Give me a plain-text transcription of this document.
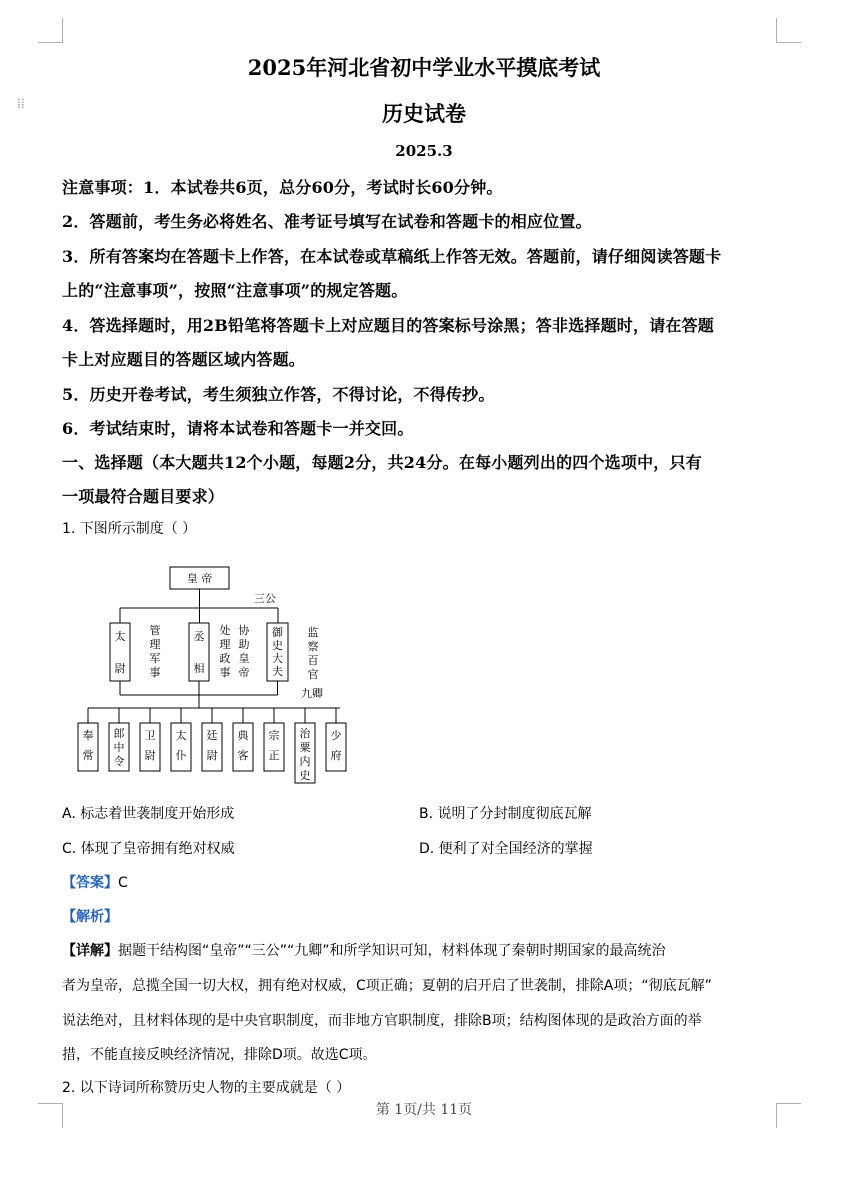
⁞⁞
2025年河北省初中学业水平摸底考试
历史试卷
2025.3
注意事项：1．本试卷共6页，总分60分，考试时长60分钟。
2．答题前，考生务必将姓名、准考证号填写在试卷和答题卡的相应位置。
3．所有答案均在答题卡上作答，在本试卷或草稿纸上作答无效。答题前，请仔细阅读答题卡
上的“注意事项”，按照“注意事项”的规定答题。
4．答选择题时，用2B铅笔将答题卡上对应题目的答案标号涂黑；答非选择题时，请在答题
卡上对应题目的答题区域内答题。
5．历史开卷考试，考生须独立作答，不得讨论，不得传抄。
6．考试结束时，请将本试卷和答题卡一并交回。
一、选择题（本大题共12个小题，每题2分，共24分。在每小题列出的四个选项中，只有
一项最符合题目要求）
1. 下图所示制度（ ）
皇 帝
三公
太
尉
管
理
军
事
丞
相
处
理
政
事
协
助
皇
帝
御
史
大
夫
监
察
百
官
九卿
奉
常
郎
中
令
卫
尉
太
仆
廷
尉
典
客
宗
正
治
粟
内
史
少
府
A. 标志着世袭制度开始形成	B. 说明了分封制度彻底瓦解
C. 体现了皇帝拥有绝对权威	D. 便利了对全国经济的掌握
【答案】C
【解析】
【详解】据题干结构图“皇帝”“三公”“九卿”和所学知识可知，材料体现了秦朝时期国家的最高统治
者为皇帝，总揽全国一切大权，拥有绝对权威，C项正确；夏朝的启开启了世袭制，排除A项；“彻底瓦解”
说法绝对，且材料体现的是中央官职制度，而非地方官职制度，排除B项；结构图体现的是政治方面的举
措，不能直接反映经济情况，排除D项。故选C项。
2. 以下诗词所称赞历史人物的主要成就是（ ）
第 1页/共 11页
